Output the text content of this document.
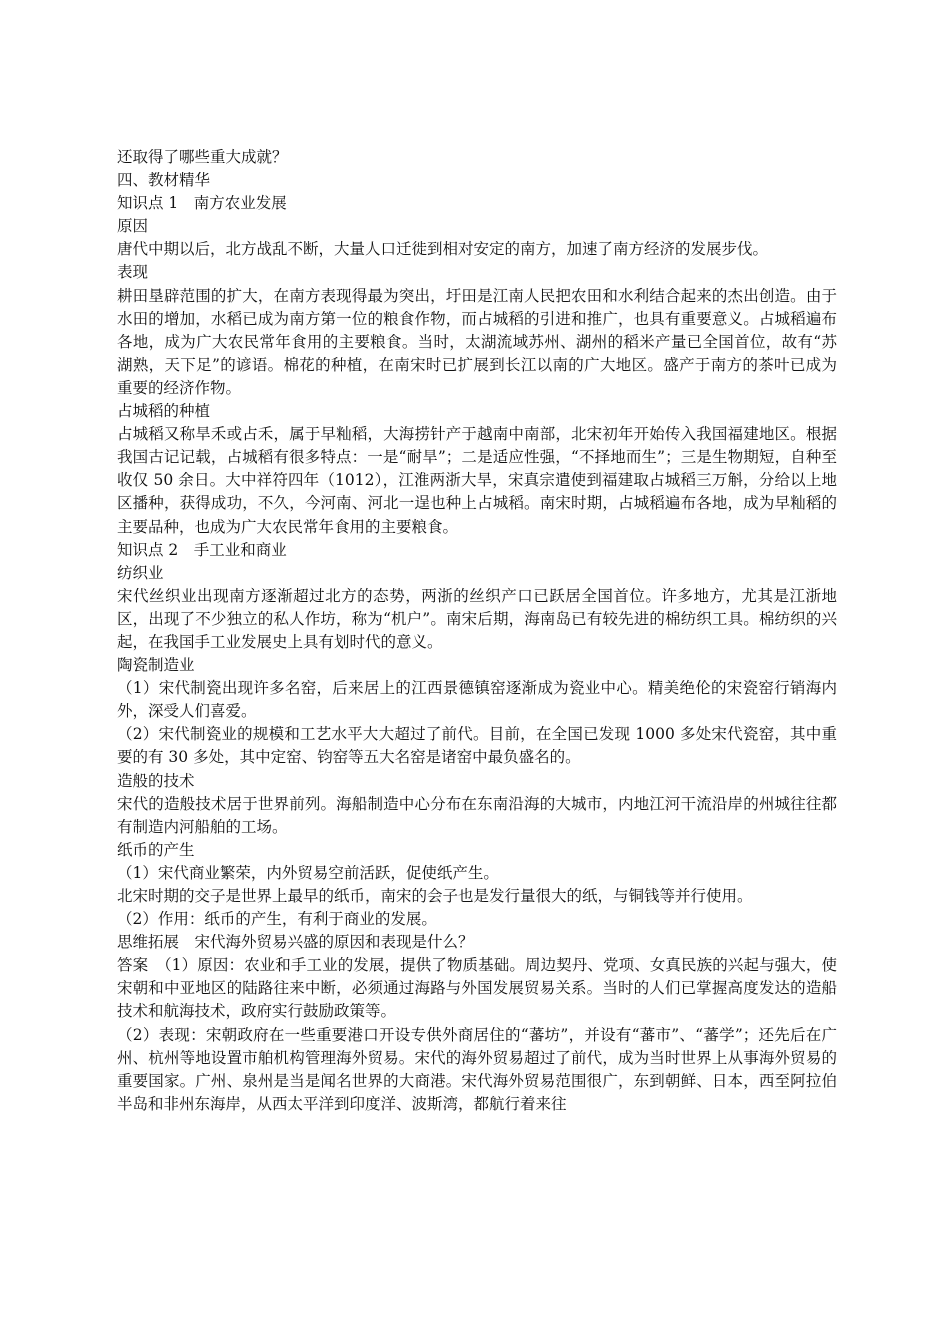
还取得了哪些重大成就？

四、教材精华

知识点 1　南方农业发展

原因

唐代中期以后，北方战乱不断，大量人口迁徙到相对安定的南方，加速了南方经济的发展步伐。

表现

耕田垦辟范围的扩大，在南方表现得最为突出，圩田是江南人民把农田和水利结合起来的杰出创造。由于水田的增加，水稻已成为南方第一位的粮食作物，而占城稻的引进和推广，也具有重要意义。占城稻遍布各地，成为广大农民常年食用的主要粮食。当时，太湖流域苏州、湖州的稻米产量已全国首位，故有“苏湖熟，天下足”的谚语。棉花的种植，在南宋时已扩展到长江以南的广大地区。盛产于南方的茶叶已成为重要的经济作物。

占城稻的种植

占城稻又称旱禾或占禾，属于早籼稻，大海捞针产于越南中南部，北宋初年开始传入我国福建地区。根据我国古记记载，占城稻有很多特点：一是“耐旱”；二是适应性强，“不择地而生”；三是生物期短，自种至收仅 50 余日。大中祥符四年（1012），江淮两浙大旱，宋真宗遣使到福建取占城稻三万斛，分给以上地区播种，获得成功，不久，今河南、河北一逞也种上占城稻。南宋时期，占城稻遍布各地，成为早籼稻的主要品种，也成为广大农民常年食用的主要粮食。

知识点 2　手工业和商业

纺织业

宋代丝织业出现南方逐渐超过北方的态势，两浙的丝织产口已跃居全国首位。许多地方，尤其是江浙地区，出现了不少独立的私人作坊，称为“机户”。南宋后期，海南岛已有较先进的棉纺织工具。棉纺织的兴起，在我国手工业发展史上具有划时代的意义。

陶瓷制造业

（1）宋代制瓷出现许多名窑，后来居上的江西景德镇窑逐渐成为瓷业中心。精美绝伦的宋瓷窑行销海内外，深受人们喜爱。

（2）宋代制瓷业的规模和工艺水平大大超过了前代。目前，在全国已发现 1000 多处宋代瓷窑，其中重要的有 30 多处，其中定窑、钧窑等五大名窑是诸窑中最负盛名的。

造般的技术

宋代的造般技术居于世界前列。海船制造中心分布在东南沿海的大城市，内地江河干流沿岸的州城往往都有制造内河船舶的工场。

纸币的产生

（1）宋代商业繁荣，内外贸易空前活跃，促使纸产生。

北宋时期的交子是世界上最早的纸币，南宋的会子也是发行量很大的纸，与铜钱等并行使用。

（2）作用：纸币的产生，有利于商业的发展。

思维拓展　宋代海外贸易兴盛的原因和表现是什么？

答案　（1）原因：农业和手工业的发展，提供了物质基础。周边契丹、党项、女真民族的兴起与强大，使宋朝和中亚地区的陆路往来中断，必须通过海路与外国发展贸易关系。当时的人们已掌握高度发达的造船技术和航海技术，政府实行鼓励政策等。

（2）表现：宋朝政府在一些重要港口开设专供外商居住的“蕃坊”，并设有“蕃市”、“蕃学”；还先后在广州、杭州等地设置市舶机构管理海外贸易。宋代的海外贸易超过了前代，成为当时世界上从事海外贸易的重要国家。广州、泉州是当是闻名世界的大商港。宋代海外贸易范围很广，东到朝鲜、日本，西至阿拉伯半岛和非州东海岸，从西太平洋到印度洋、波斯湾，都航行着来往
